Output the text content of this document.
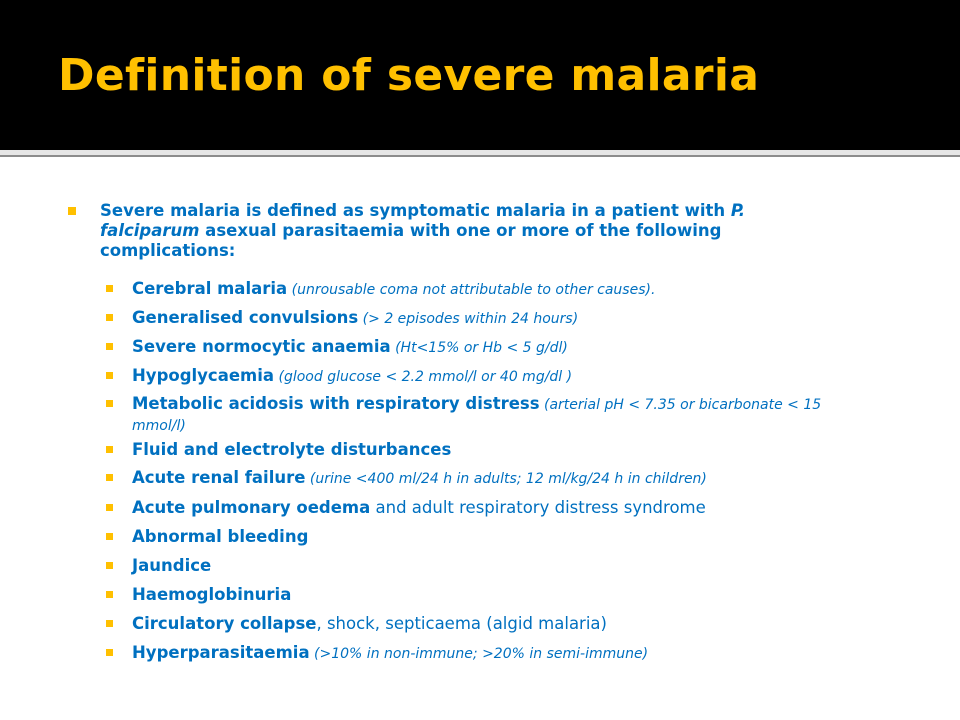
Definition of severe malaria
Severe malaria is defined as symptomatic malaria in a patient with P. falciparum asexual parasitaemia with one or more of the following complications:
Cerebral malaria (unrousable coma not attributable to other causes).
Generalised convulsions (> 2 episodes within 24 hours)
Severe normocytic anaemia (Ht<15% or Hb < 5 g/dl)
Hypoglycaemia (glood glucose < 2.2 mmol/l or 40 mg/dl )
Metabolic acidosis with respiratory distress (arterial pH < 7.35 or bicarbonate < 15 mmol/l)
Fluid and electrolyte disturbances
Acute renal failure (urine <400 ml/24 h in adults; 12 ml/kg/24 h in children)
Acute pulmonary oedema and adult respiratory distress syndrome
Abnormal bleeding
Jaundice
Haemoglobinuria
Circulatory collapse, shock, septicaema (algid malaria)
Hyperparasitaemia (>10% in non-immune; >20% in semi-immune)
